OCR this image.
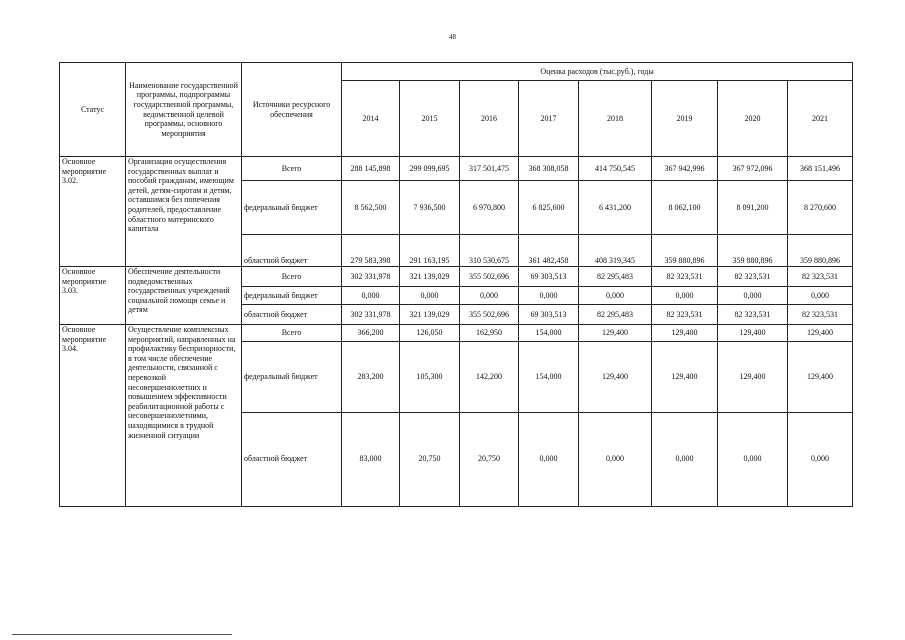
48
Статус	Наименование государственной программы, подпрограммы государственной программы, ведомственной целевой программы, основного мероприятия	Источники ресурсного обеспечения	Оценка расходов (тыс.руб.), годы							
			2014	2015	2016	2017	2018	2019	2020	2021
Основное мероприятие 3.02.	Организация осуществления государственных выплат и пособий гражданам, имеющим детей, детям-сиротам и детям, оставшимся без попечения родителей, предоставление областного материнского капитала	Всего	288 145,898	299 099,695	317 501,475	368 308,058	414 750,545	367 942,996	367 972,096	368 151,496
		федеральный бюджет	8 562,500	7 936,500	6 970,800	6 825,600	6 431,200	8 062,100	8 091,200	8 270,600
		областной бюджет	279 583,398	291 163,195	310 530,675	361 482,458	408 319,345	359 880,896	359 880,896	359 880,896
Основное мероприятие 3.03.	Обеспечение деятельности подведомственных государственных учреждений социальной помощи семье и детям	Всего	302 331,978	321 139,029	355 502,696	69 303,513	82 295,483	82 323,531	82 323,531	82 323,531
		федеральный бюджет	0,000	0,000	0,000	0,000	0,000	0,000	0,000	0,000
		областной бюджет	302 331,978	321 139,029	355 502,696	69 303,513	82 295,483	82 323,531	82 323,531	82 323,531
Основное мероприятие 3.04.	Осуществление комплексных мероприятий, направленных на профилактику беспризорности, в том числе обеспечение деятельности, связанной с перевозкой несовершеннолетних и повышением эффективности реабилитационной работы с несовершеннолетними, находящимися в трудной жизненной ситуации	Всего	366,200	126,050	162,950	154,000	129,400	129,400	129,400	129,400
		федеральный бюджет	283,200	105,300	142,200	154,000	129,400	129,400	129,400	129,400
		областной бюджет	83,000	20,750	20,750	0,000	0,000	0,000	0,000	0,000
